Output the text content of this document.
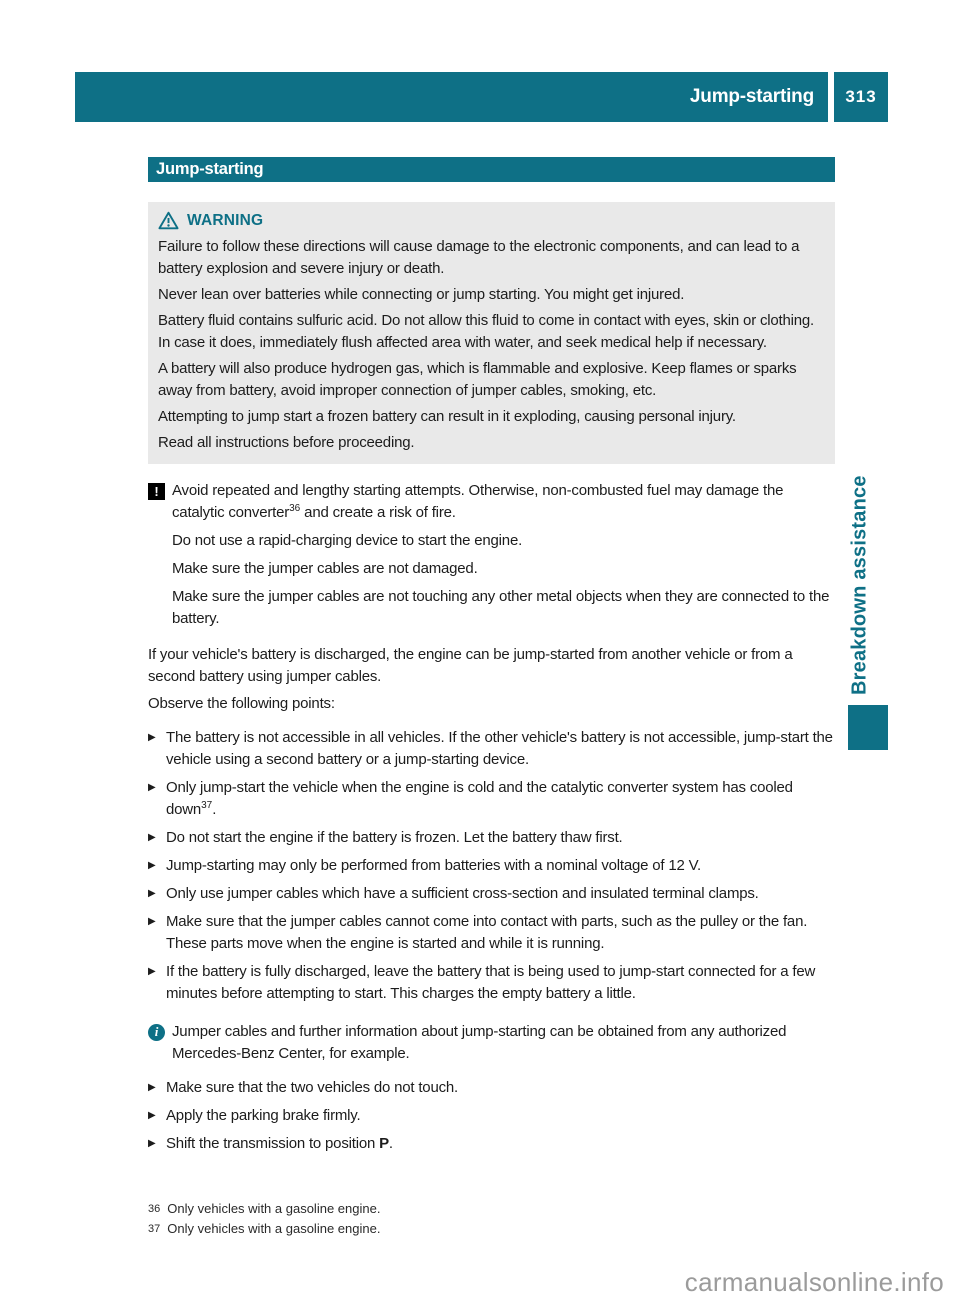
Jump-starting	313
Breakdown assistance
Jump-starting
WARNING

Failure to follow these directions will cause damage to the electronic components, and can lead to a battery explosion and severe injury or death.

Never lean over batteries while connecting or jump starting. You might get injured.

Battery fluid contains sulfuric acid. Do not allow this fluid to come in contact with eyes, skin or clothing. In case it does, immediately flush affected area with water, and seek medical help if necessary.

A battery will also produce hydrogen gas, which is flammable and explosive. Keep flames or sparks away from battery, avoid improper connection of jumper cables, smoking, etc.

Attempting to jump start a frozen battery can result in it exploding, causing personal injury.

Read all instructions before proceeding.

! Avoid repeated and lengthy starting attempts. Otherwise, non-combusted fuel may damage the catalytic converter$^{36}$ and create a risk of fire.

Do not use a rapid-charging device to start the engine.

Make sure the jumper cables are not damaged.

Make sure the jumper cables are not touching any other metal objects when they are connected to the battery.

If your vehicle's battery is discharged, the engine can be jump-started from another vehicle or from a second battery using jumper cables.

Observe the following points:

▶ The battery is not accessible in all vehicles. If the other vehicle's battery is not accessible, jump-start the vehicle using a second battery or a jump-starting device.
▶ Only jump-start the vehicle when the engine is cold and the catalytic converter system has cooled down$^{37}$.
▶ Do not start the engine if the battery is frozen. Let the battery thaw first.
▶ Jump-starting may only be performed from batteries with a nominal voltage of 12 V.
▶ Only use jumper cables which have a sufficient cross-section and insulated terminal clamps.
▶ Make sure that the jumper cables cannot come into contact with parts, such as the pulley or the fan. These parts move when the engine is started and while it is running.
▶ If the battery is fully discharged, leave the battery that is being used to jump-start connected for a few minutes before attempting to start. This charges the empty battery a little.

i Jumper cables and further information about jump-starting can be obtained from any authorized Mercedes-Benz Center, for example.

▶ Make sure that the two vehicles do not touch.
▶ Apply the parking brake firmly.
▶ Shift the transmission to position P.
$^{36}$ Only vehicles with a gasoline engine.
$^{37}$ Only vehicles with a gasoline engine.
carmanualsonline.info
